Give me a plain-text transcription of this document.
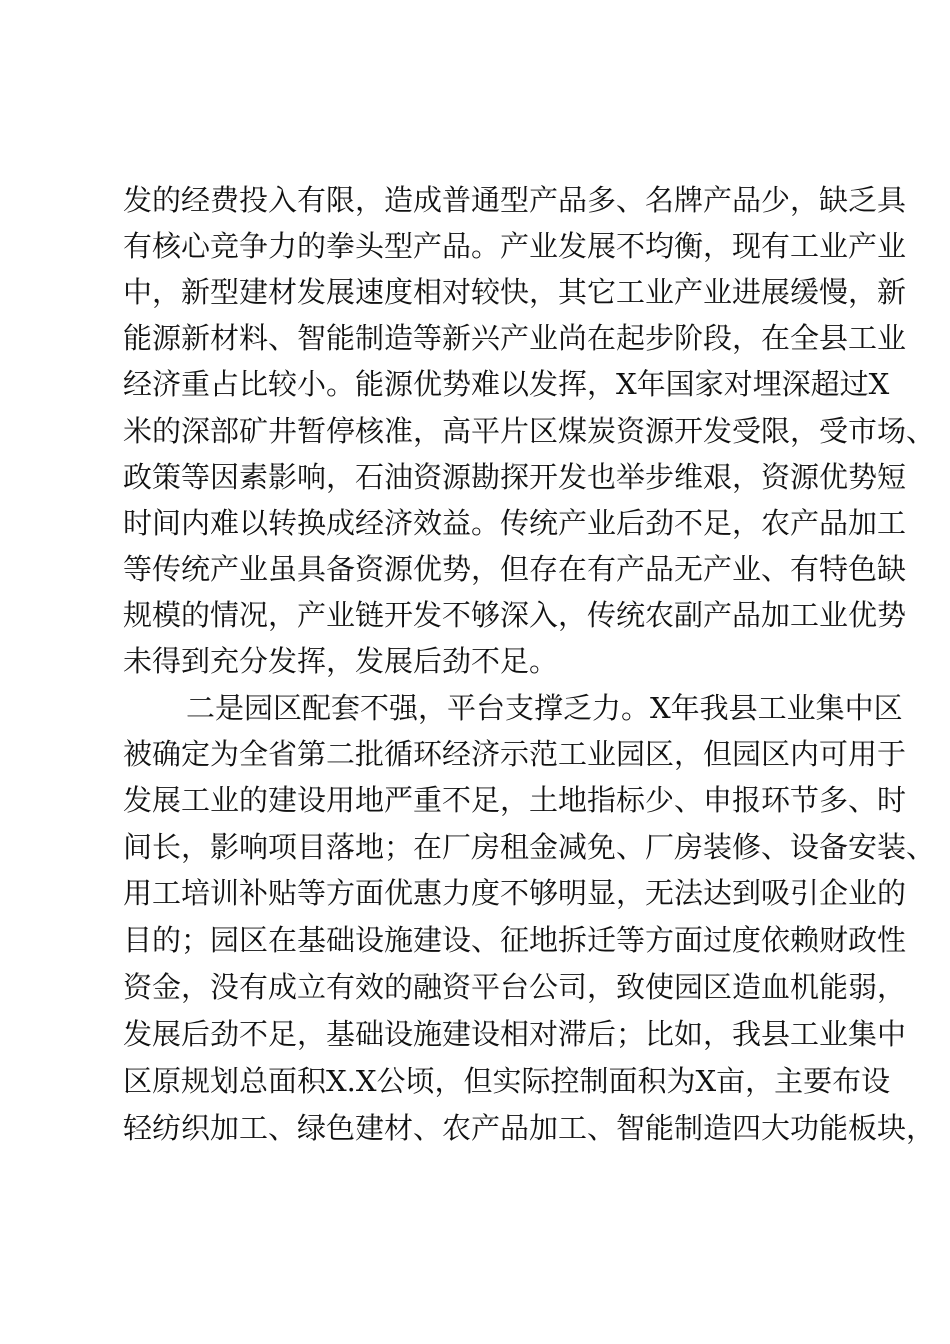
发的经费投入有限，造成普通型产品多、名牌产品少，缺乏具
有核心竞争力的拳头型产品。产业发展不均衡，现有工业产业
中，新型建材发展速度相对较快，其它工业产业进展缓慢，新
能源新材料、智能制造等新兴产业尚在起步阶段，在全县工业
经济重占比较小。能源优势难以发挥，X年国家对埋深超过X
米的深部矿井暂停核准，高平片区煤炭资源开发受限，受市场、
政策等因素影响，石油资源勘探开发也举步维艰，资源优势短
时间内难以转换成经济效益。传统产业后劲不足，农产品加工
等传统产业虽具备资源优势，但存在有产品无产业、有特色缺
规模的情况，产业链开发不够深入，传统农副产品加工业优势
未得到充分发挥，发展后劲不足。
二是园区配套不强，平台支撑乏力。X年我县工业集中区
被确定为全省第二批循环经济示范工业园区，但园区内可用于
发展工业的建设用地严重不足，土地指标少、申报环节多、时
间长，影响项目落地；在厂房租金减免、厂房装修、设备安装、
用工培训补贴等方面优惠力度不够明显，无法达到吸引企业的
目的；园区在基础设施建设、征地拆迁等方面过度依赖财政性
资金，没有成立有效的融资平台公司，致使园区造血机能弱，
发展后劲不足，基础设施建设相对滞后；比如，我县工业集中
区原规划总面积X.X公顷，但实际控制面积为X亩，主要布设
轻纺织加工、绿色建材、农产品加工、智能制造四大功能板块，
